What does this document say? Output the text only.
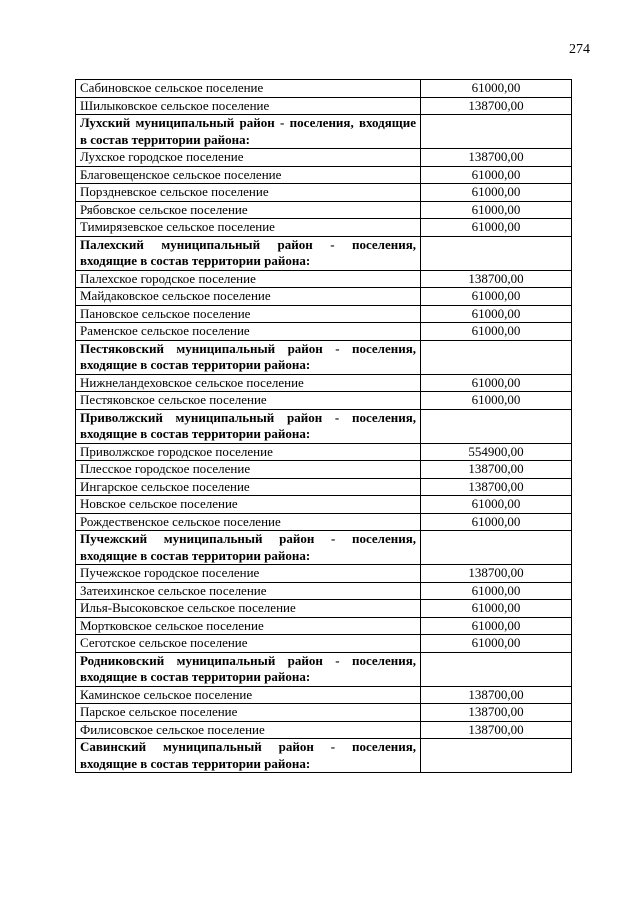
274
Сабиновское сельское поселение	61000,00
Шилыковское сельское поселение	138700,00
Лухский муниципальный район - поселения, входящие в состав территории района:	
Лухское городское поселение	138700,00
Благовещенское сельское поселение	61000,00
Порздневское сельское поселение	61000,00
Рябовское сельское поселение	61000,00
Тимирязевское сельское поселение	61000,00
Палехский муниципальный район - поселения, входящие в состав территории района:	
Палехское городское поселение	138700,00
Майдаковское сельское поселение	61000,00
Пановское сельское поселение	61000,00
Раменское сельское поселение	61000,00
Пестяковский муниципальный район - поселения, входящие в состав территории района:	
Нижнеландеховское сельское поселение	61000,00
Пестяковское сельское поселение	61000,00
Приволжский муниципальный район - поселения, входящие в состав территории района:	
Приволжское городское поселение	554900,00
Плесское городское поселение	138700,00
Ингарское сельское поселение	138700,00
Новское сельское поселение	61000,00
Рождественское сельское поселение	61000,00
Пучежский муниципальный район - поселения, входящие в состав территории района:	
Пучежское городское поселение	138700,00
Затеихинское сельское поселение	61000,00
Илья-Высоковское сельское поселение	61000,00
Мортковское сельское поселение	61000,00
Сеготское сельское поселение	61000,00
Родниковский муниципальный район - поселения, входящие в состав территории района:	
Каминское сельское поселение	138700,00
Парское сельское поселение	138700,00
Филисовское сельское поселение	138700,00
Савинский муниципальный район - поселения, входящие в состав территории района:	
